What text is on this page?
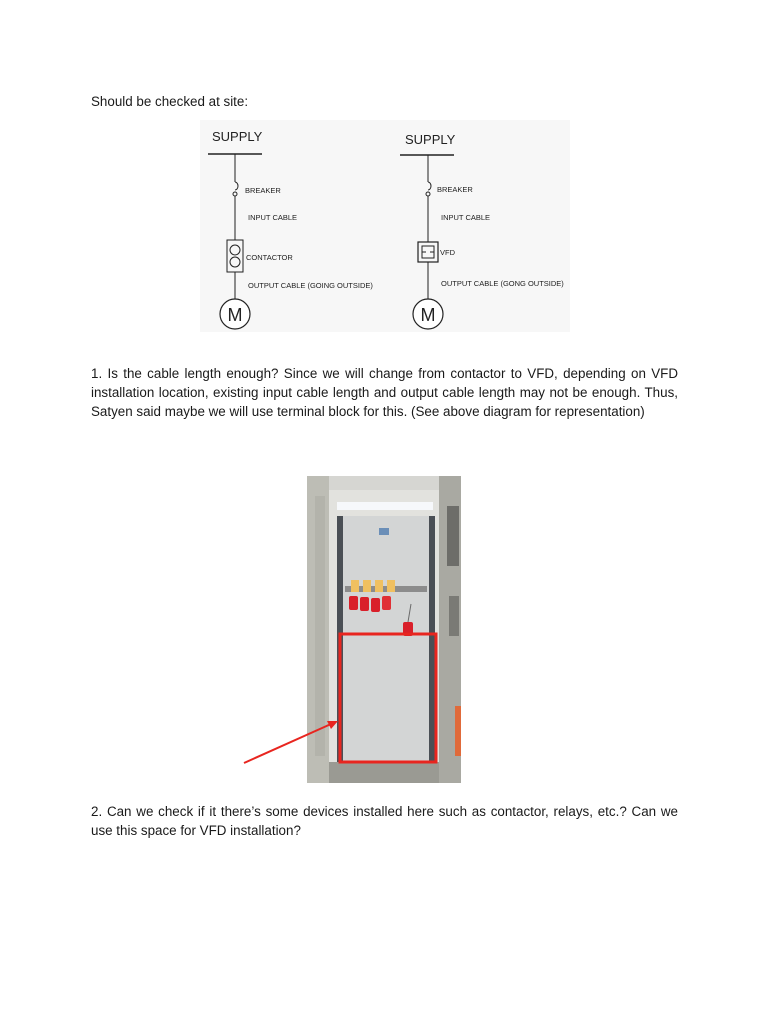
Should be checked at site:
SUPPLY
BREAKER
INPUT CABLE
CONTACTOR
OUTPUT CABLE (GOING OUTSIDE)
M
SUPPLY
BREAKER
INPUT CABLE
VFD
OUTPUT CABLE (GONG OUTSIDE)
M
1. Is the cable length enough? Since we will change from contactor to VFD, depending on VFD installation location, existing input cable length and output cable length may not be enough. Thus, Satyen said maybe we will use terminal block for this. (See above diagram for representation)
2. Can we check if it there’s some devices installed here such as contactor, relays, etc.? Can we use this space for VFD installation?
